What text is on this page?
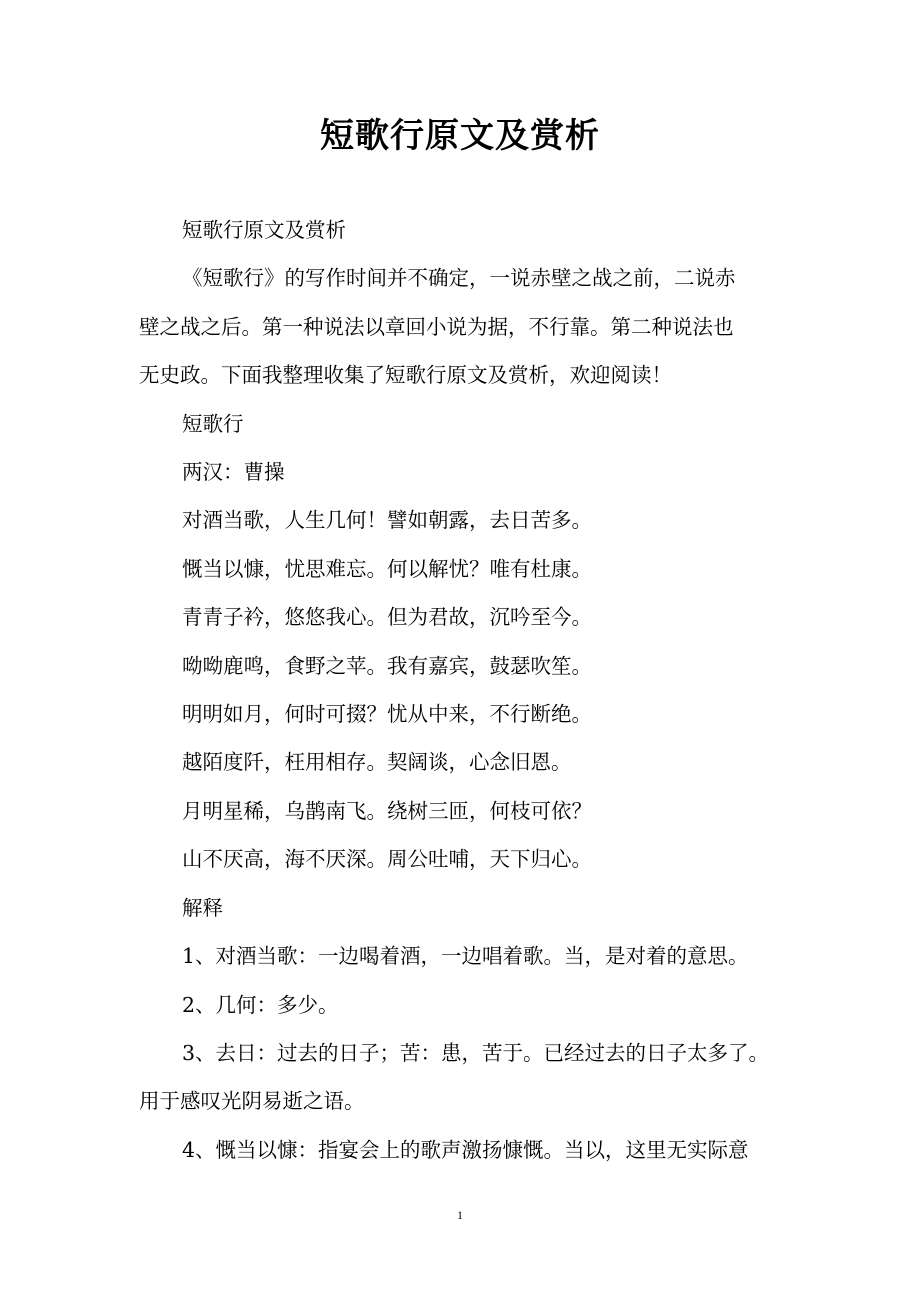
短歌行原文及赏析

短歌行原文及赏析

《短歌行》的写作时间并不确定，一说赤壁之战之前，二说赤
壁之战之后。第一种说法以章回小说为据，不行靠。第二种说法也
无史政。下面我整理收集了短歌行原文及赏析，欢迎阅读！

短歌行

两汉：曹操

对酒当歌，人生几何！譬如朝露，去日苦多。

慨当以慷，忧思难忘。何以解忧？唯有杜康。

青青子衿，悠悠我心。但为君故，沉吟至今。

呦呦鹿鸣，食野之苹。我有嘉宾，鼓瑟吹笙。

明明如月，何时可掇？忧从中来，不行断绝。

越陌度阡，枉用相存。契阔谈，心念旧恩。

月明星稀，乌鹊南飞。绕树三匝，何枝可依？

山不厌高，海不厌深。周公吐哺，天下归心。

解释

1、对酒当歌：一边喝着酒，一边唱着歌。当，是对着的意思。

2、几何：多少。

3、去日：过去的日子；苦：患，苦于。已经过去的日子太多了。
用于感叹光阴易逝之语。

4、慨当以慷：指宴会上的歌声激扬慷慨。当以，这里无实际意

1
